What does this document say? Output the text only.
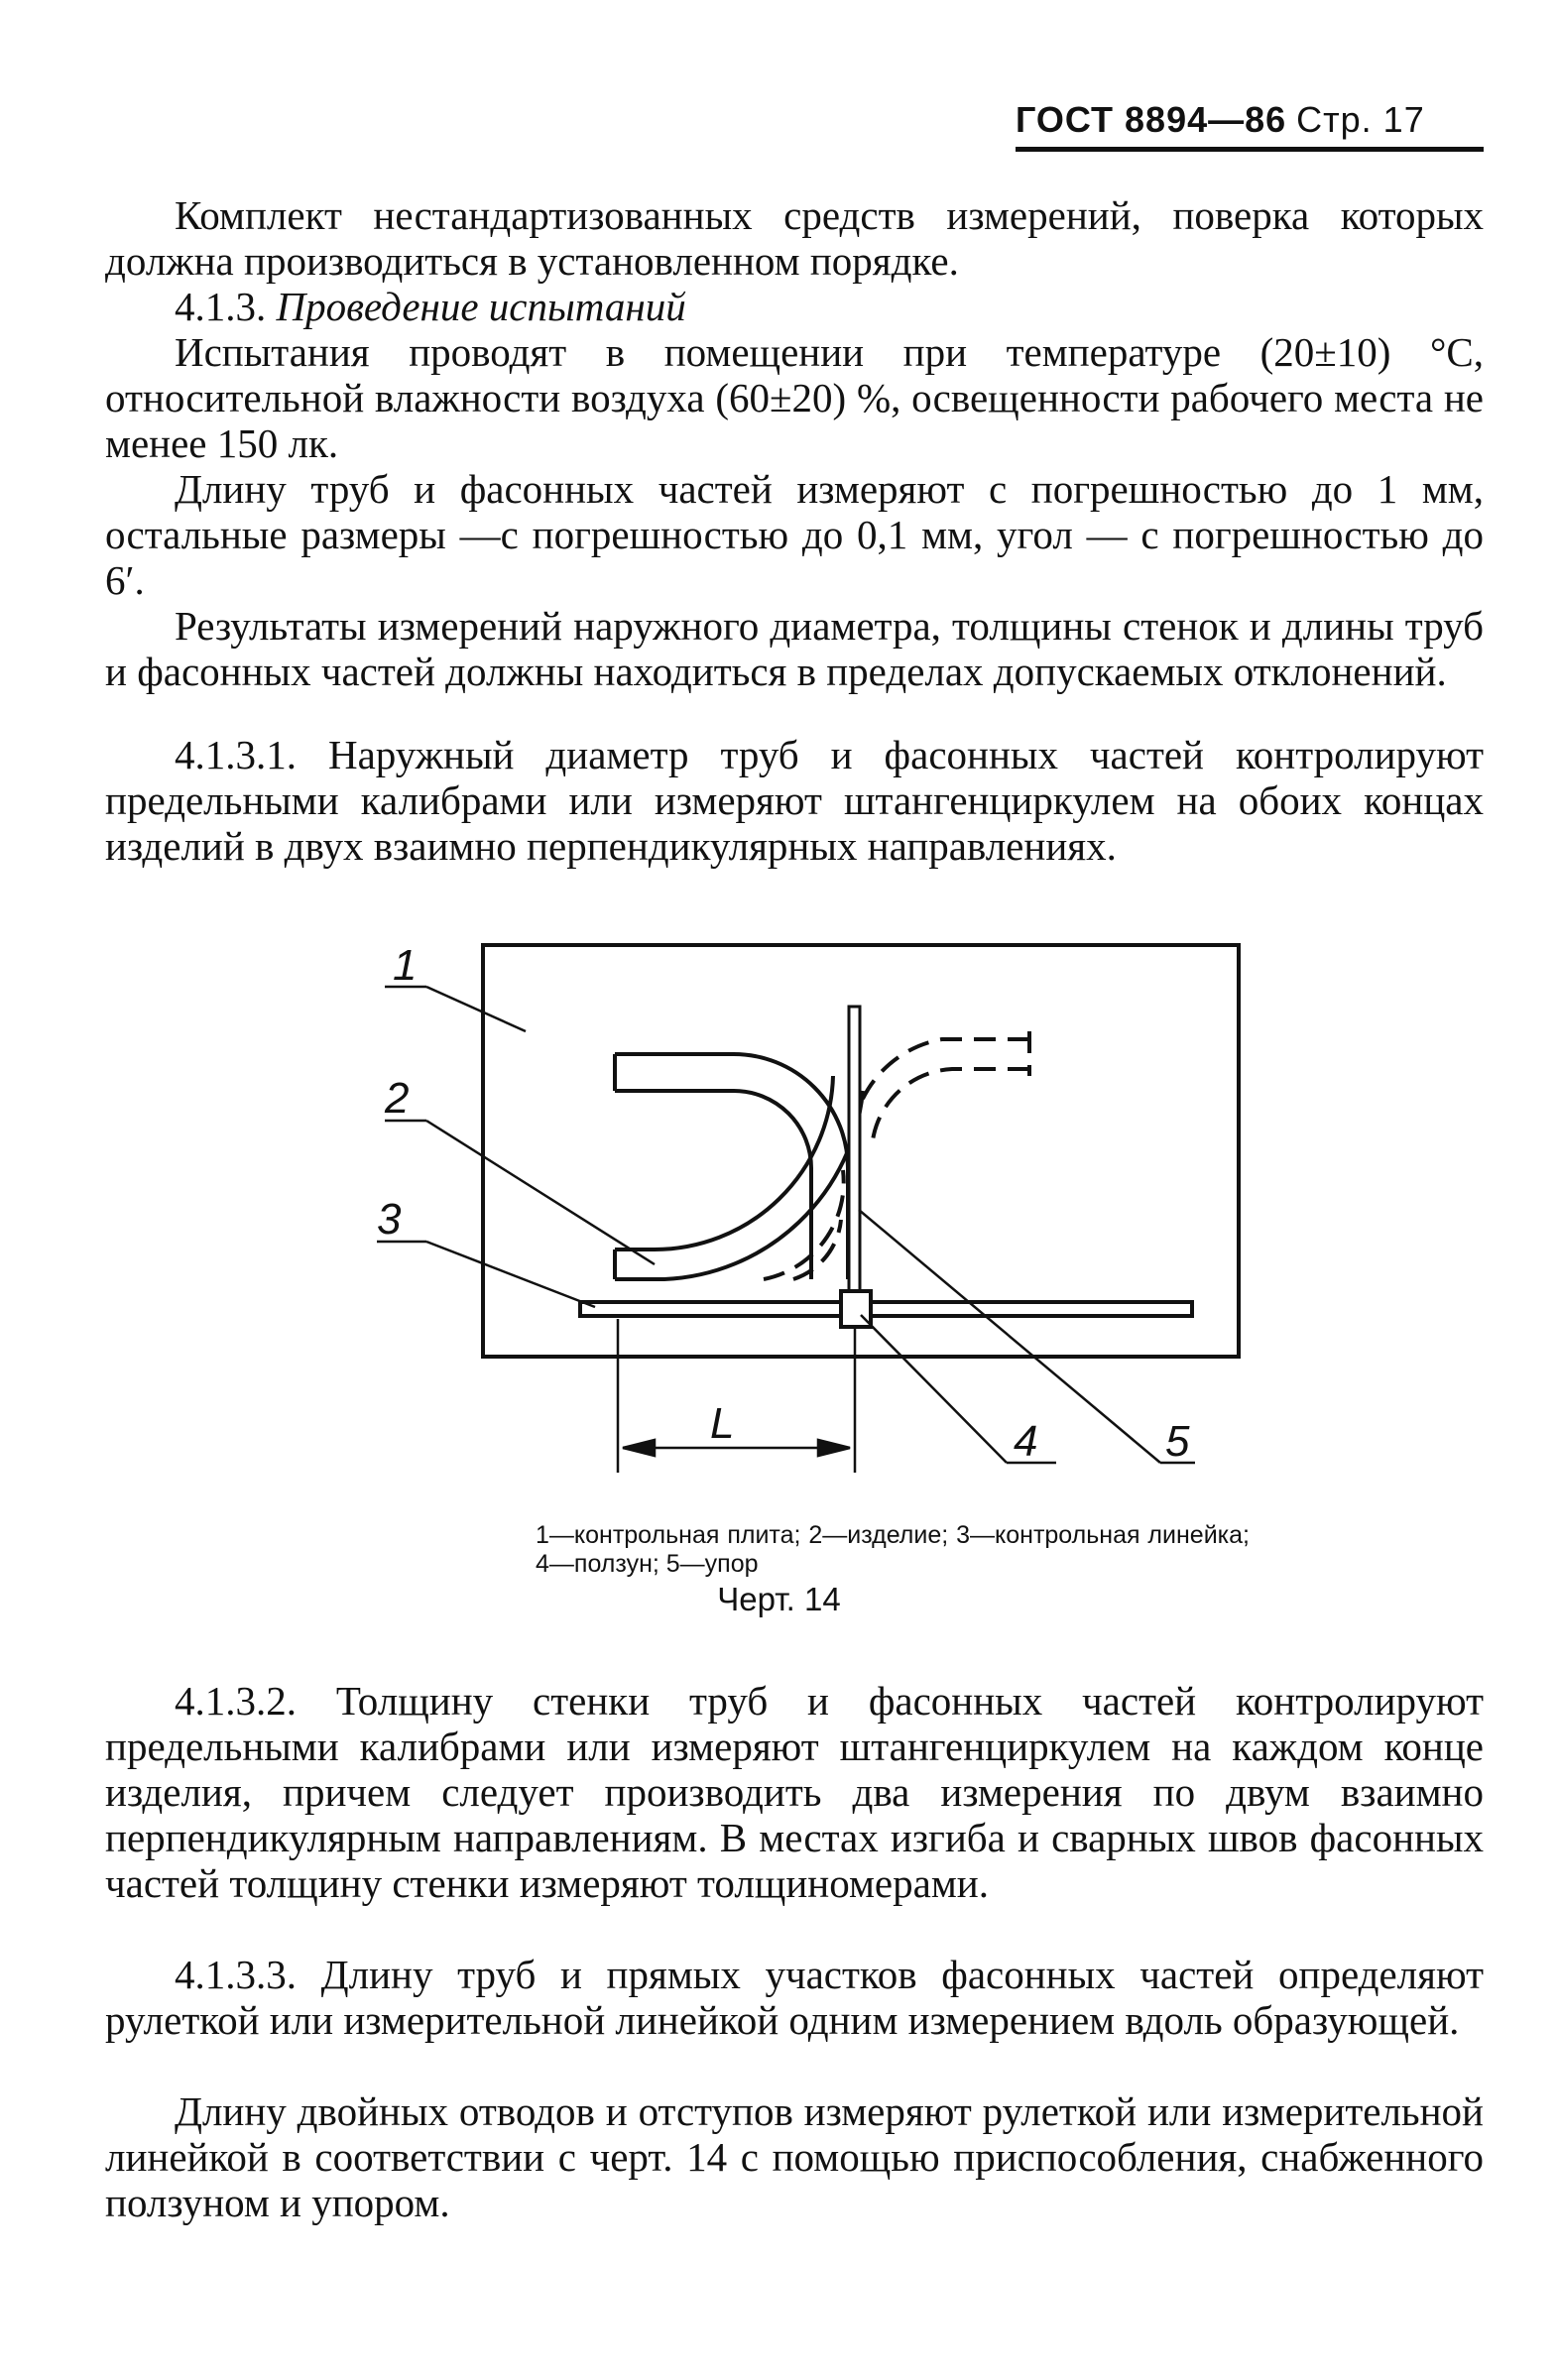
ГОСТ 8894—86 Стр. 17

Комплект нестандартизованных средств измерений, поверка которых должна производиться в установленном порядке.

4.1.3. Проведение испытаний

Испытания проводят в помещении при температуре (20±10) °С, относительной влажности воздуха (60±20) %, освещенности рабочего места не менее 150 лк.

Длину труб и фасонных частей измеряют с погрешностью до 1 мм, остальные размеры —с погрешностью до 0,1 мм, угол — с погрешностью до 6′.

Результаты измерений наружного диаметра, толщины стенок и длины труб и фасонных частей должны находиться в пределах допускаемых отклонений.

4.1.3.1. Наружный диаметр труб и фасонных частей контролируют предельными калибрами или измеряют штангенциркулем на обоих концах изделий в двух взаимно перпендикулярных направлениях.

1
2
3
4	5
L
1—контрольная плита; 2—изделие; 3—контрольная линейка; 4—ползун; 5—упор
Черт. 14

4.1.3.2. Толщину стенки труб и фасонных частей контролируют предельными калибрами или измеряют штангенциркулем на каждом конце изделия, причем следует производить два измерения по двум взаимно перпендикулярным направлениям. В местах изгиба и сварных швов фасонных частей толщину стенки измеряют толщиномерами.

4.1.3.3. Длину труб и прямых участков фасонных частей определяют рулеткой или измерительной линейкой одним измерением вдоль образующей.

Длину двойных отводов и отступов измеряют рулеткой или измерительной линейкой в соответствии с черт. 14 с помощью приспособления, снабженного ползуном и упором.
